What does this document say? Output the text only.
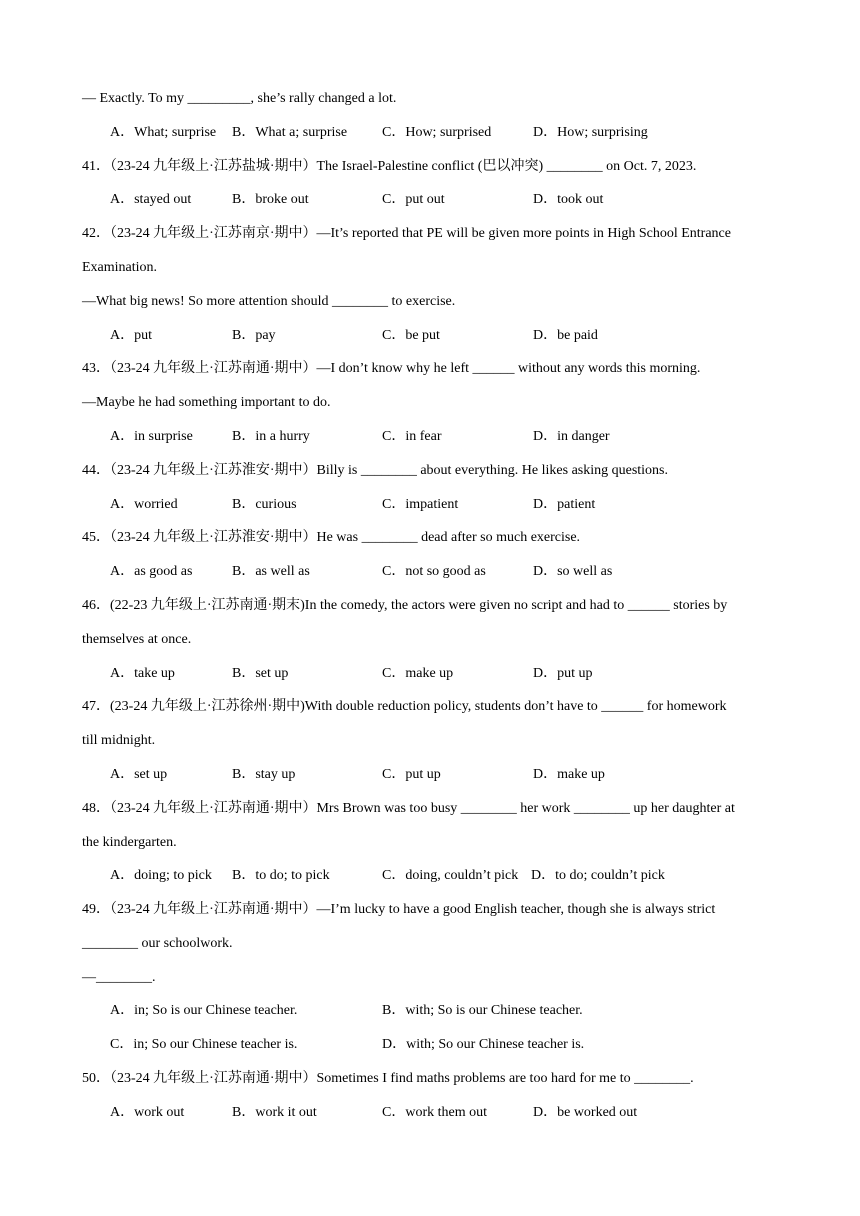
— Exactly. To my _________, she’s rally changed a lot.
A．What; surprise B．What a; surprise C．How; surprised	D．How; surprising
41．（23-24 九年级上·江苏盐城·期中）The Israel-Palestine conflict (巴以冲突) ________ on Oct. 7, 2023.
A．stayed out	B．broke out	C．put out	D．took out
42．（23-24 九年级上·江苏南京·期中）—It’s reported that PE will be given more points in High School Entrance
Examination.
—What big news! So more attention should ________ to exercise.
A．put	B．pay	C．be put	D．be paid
43．（23-24 九年级上·江苏南通·期中）—I don’t know why he left ______ without any words this morning.
—Maybe he had something important to do.
A．in surprise	B．in a hurry	C．in fear	D．in danger
44．（23-24 九年级上·江苏淮安·期中）Billy is ________ about everything. He likes asking questions.
A．worried	B．curious	C．impatient	D．patient
45．（23-24 九年级上·江苏淮安·期中）He was ________ dead after so much exercise.
A．as good as	B．as well as	C．not so good as	D．so well as
46．(22-23 九年级上·江苏南通·期末)In the comedy, the actors were given no script and had to ______ stories by
themselves at once.
A．take up	B．set up	C．make up	D．put up
47．(23-24 九年级上·江苏徐州·期中)With double reduction policy, students don’t have to ______ for homework
till midnight.
A．set up	B．stay up	C．put up	D．make up
48．（23-24 九年级上·江苏南通·期中）Mrs Brown was too busy ________ her work ________ up her daughter at
the kindergarten.
A．doing; to pick B．to do; to pick	C．doing, couldn’t pick D．to do; couldn’t pick
49．（23-24 九年级上·江苏南通·期中）—I’m lucky to have a good English teacher, though she is always strict
________ our schoolwork.
—________.
A．in; So is our Chinese teacher.	B．with; So is our Chinese teacher.
C．in; So our Chinese teacher is.	D．with; So our Chinese teacher is.
50．（23-24 九年级上·江苏南通·期中）Sometimes I find maths problems are too hard for me to ________.
A．work out	B．work it out	C．work them out	D．be worked out
